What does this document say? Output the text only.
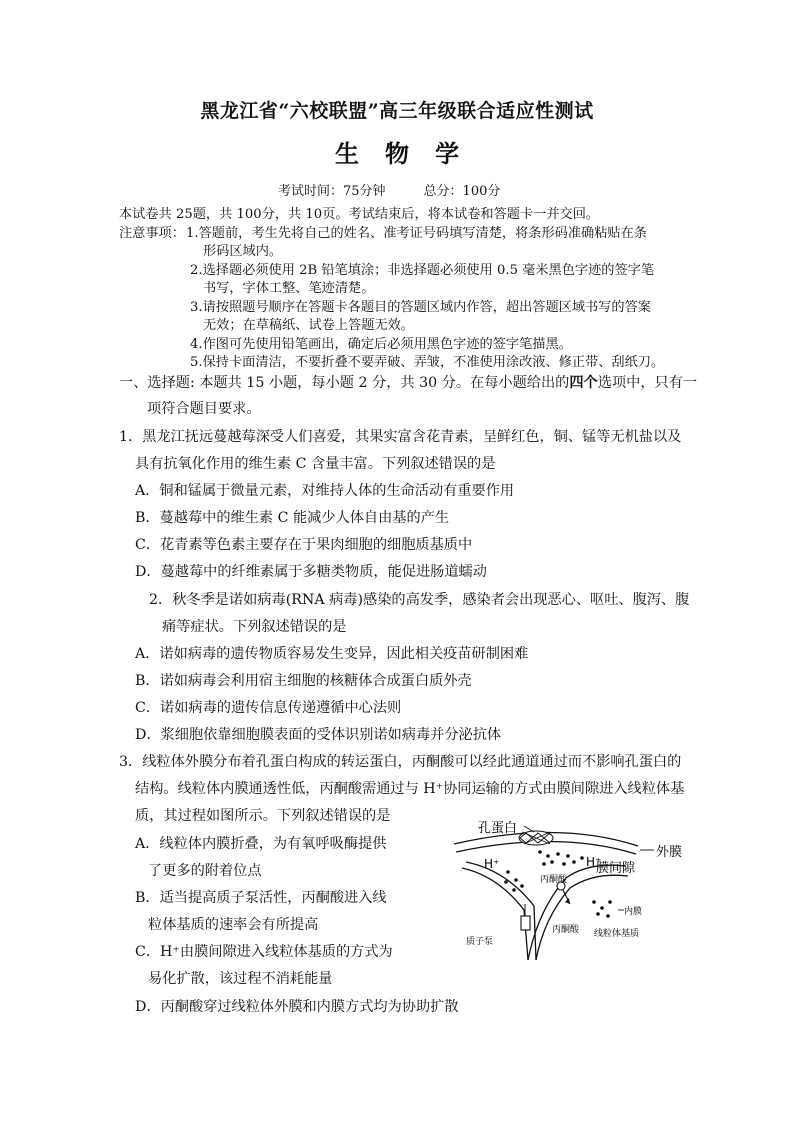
黑龙江省“六校联盟”高三年级联合适应性测试
生物学
考试时间：75分钟	总分：100分
本试卷共 25题，共 100分，共 10页。考试结束后，将本试卷和答题卡一并交回。
注意事项： 1.答题前，考生先将自己的姓名、准考证号码填写清楚，将条形码准确粘贴在条
形码区域内。
2.选择题必须使用 2B 铅笔填涂；非选择题必须使用 0.5 毫米黑色字迹的签字笔
书写，字体工整、笔迹清楚。
3.请按照题号顺序在答题卡各题目的答题区域内作答，超出答题区域书写的答案
无效；在草稿纸、试卷上答题无效。
4.作图可先使用铅笔画出，确定后必须用黑色字迹的签字笔描黑。
5.保持卡面清洁，不要折叠不要弄破、弄皱，不准使用涂改液、修正带、刮纸刀。
一、选择题: 本题共 15 小题，每小题 2 分，共 30 分。在每小题给出的四个选项中，只有一
项符合题目要求。
1．黑龙江抚远蔓越莓深受人们喜爱，其果实富含花青素，呈鲜红色，铜、锰等无机盐以及
具有抗氧化作用的维生素 C 含量丰富。下列叙述错误的是
A．铜和锰属于微量元素，对维持人体的生命活动有重要作用
B．蔓越莓中的维生素 C 能减少人体自由基的产生
C．花青素等色素主要存在于果肉细胞的细胞质基质中
D．蔓越莓中的纤维素属于多糖类物质，能促进肠道蠕动
2．秋冬季是诺如病毒(RNA 病毒)感染的高发季，感染者会出现恶心、呕吐、腹泻、腹
痛等症状。下列叙述错误的是
A．诺如病毒的遗传物质容易发生变异，因此相关疫苗研制困难
B．诺如病毒会利用宿主细胞的核糖体合成蛋白质外壳
C．诺如病毒的遗传信息传递遵循中心法则
D．浆细胞依靠细胞膜表面的受体识别诺如病毒并分泌抗体
3．线粒体外膜分布着孔蛋白构成的转运蛋白，丙酮酸可以经此通道通过而不影响孔蛋白的
结构。线粒体内膜通透性低，丙酮酸需通过与 H⁺协同运输的方式由膜间隙进入线粒体基
质，其过程如图所示。下列叙述错误的是
A．线粒体内膜折叠，为有氧呼吸酶提供
了更多的附着位点
B．适当提高质子泵活性，丙酮酸进入线
粒体基质的速率会有所提高
C．H⁺由膜间隙进入线粒体基质的方式为
易化扩散，该过程不消耗能量
D．丙酮酸穿过线粒体外膜和内膜方式均为协助扩散
孔蛋白
外膜
膜间隙
H⁺	H⁺
丙酮酸
丙酮酸
内膜
线粒体基质
质子泵
